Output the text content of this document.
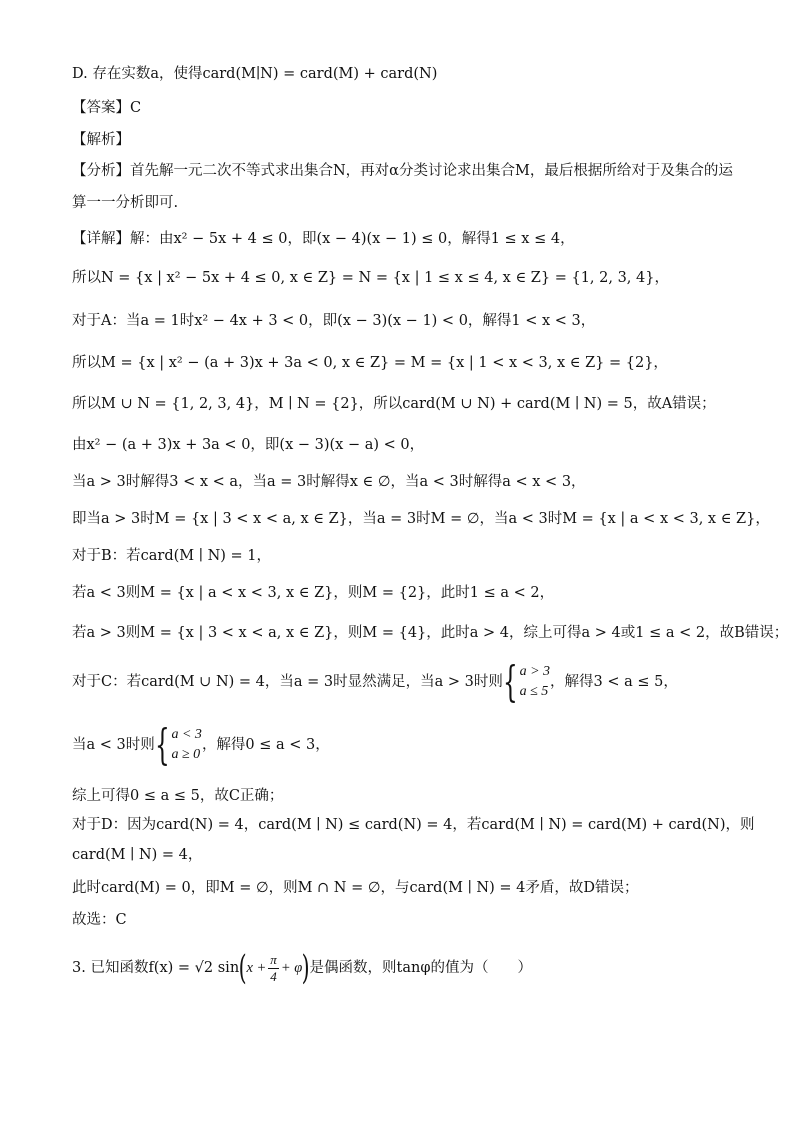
D. 存在实数a，使得card(M∣N) = card(M) + card(N)
【答案】C
【解析】
【分析】首先解一元二次不等式求出集合N，再对α分类讨论求出集合M，最后根据所给对于及集合的运
算一一分析即可.
【详解】解：由x² − 5x + 4 ≤ 0，即(x − 4)(x − 1) ≤ 0，解得1 ≤ x ≤ 4，
所以N = {x | x² − 5x + 4 ≤ 0, x ∈ Z} = N = {x | 1 ≤ x ≤ 4, x ∈ Z} = {1, 2, 3, 4}，
对于A：当a = 1时x² − 4x + 3 < 0，即(x − 3)(x − 1) < 0，解得1 < x < 3，
所以M = {x | x² − (a + 3)x + 3a < 0, x ∈ Z} = M = {x | 1 < x < 3, x ∈ Z} = {2}，
所以M ∪ N = {1, 2, 3, 4}，M ∣ N = {2}，所以card(M ∪ N) + card(M ∣ N) = 5，故A错误；
由x² − (a + 3)x + 3a < 0，即(x − 3)(x − a) < 0，
当a > 3时解得3 < x < a，当a = 3时解得x ∈ ∅，当a < 3时解得a < x < 3，
即当a > 3时M = {x | 3 < x < a, x ∈ Z}，当a = 3时M = ∅，当a < 3时M = {x | a < x < 3, x ∈ Z}，
对于B：若card(M ∣ N) = 1，
若a < 3则M = {x | a < x < 3, x ∈ Z}，则M = {2}，此时1 ≤ a < 2，
若a > 3则M = {x | 3 < x < a, x ∈ Z}，则M = {4}，此时a > 4，综上可得a > 4或1 ≤ a < 2，故B错误；
对于C：若card(M ∪ N) = 4，当a = 3时显然满足，当a > 3时则 { a > 3
a ≤ 5
，解得3 < a ≤ 5，
当a < 3时则 { a < 3
a ≥ 0
，解得0 ≤ a < 3，
综上可得0 ≤ a ≤ 5，故C正确；
对于D：因为card(N) = 4，card(M ∣ N) ≤ card(N) = 4，若card(M ∣ N) = card(M) + card(N)，则
card(M ∣ N) = 4，
此时card(M) = 0，即M = ∅，则M ∩ N = ∅，与card(M ∣ N) = 4矛盾，故D错误；
故选：C
3. 已知函数f(x) = √2 sin ( $x + \frac{\pi}{4} + \varphi$ ) 是偶函数，则tanφ的值为（　　）
